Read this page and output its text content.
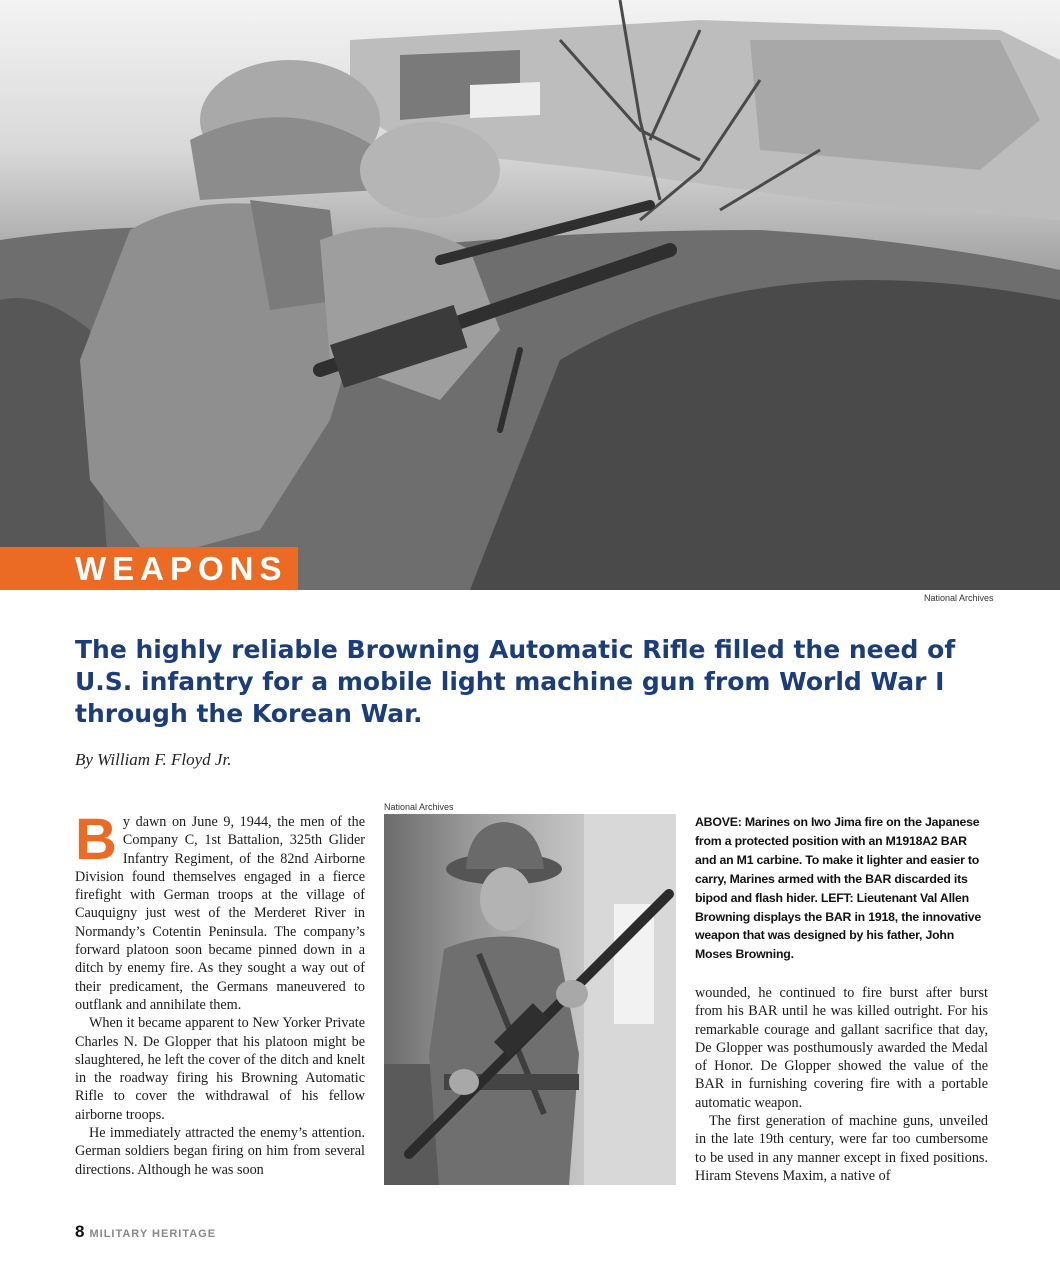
WEAPONS
National Archives
The highly reliable Browning Automatic Rifle filled the need of U.S. infantry for a mobile light machine gun from World War I through the Korean War.
By William F. Floyd Jr.

By dawn on June 9, 1944, the men of the Company C, 1st Battalion, 325th Glider Infantry Regiment, of the 82nd Airborne Division found themselves engaged in a fierce firefight with German troops at the village of Cauquigny just west of the Merderet River in Normandy’s Cotentin Peninsula. The company’s forward platoon soon became pinned down in a ditch by enemy fire. As they sought a way out of their predicament, the Germans maneuvered to outflank and annihilate them.

When it became apparent to New Yorker Private Charles N. De Glopper that his platoon might be slaughtered, he left the cover of the ditch and knelt in the roadway firing his Browning Automatic Rifle to cover the withdrawal of his fellow airborne troops.

He immediately attracted the enemy’s attention. German soldiers began firing on him from several directions. Although he was soon

National Archives
ABOVE: Marines on Iwo Jima fire on the Japanese from a protected position with an M1918A2 BAR and an M1 carbine. To make it lighter and easier to carry, Marines armed with the BAR discarded its bipod and flash hider. LEFT: Lieutenant Val Allen Browning displays the BAR in 1918, the innovative weapon that was designed by his father, John Moses Browning.

wounded, he continued to fire burst after burst from his BAR until he was killed outright. For his remarkable courage and gallant sacrifice that day, De Glopper was posthumously awarded the Medal of Honor. De Glopper showed the value of the BAR in furnishing covering fire with a portable automatic weapon.

The first generation of machine guns, unveiled in the late 19th century, were far too cumbersome to be used in any manner except in fixed positions. Hiram Stevens Maxim, a native of

8 MILITARY HERITAGE
